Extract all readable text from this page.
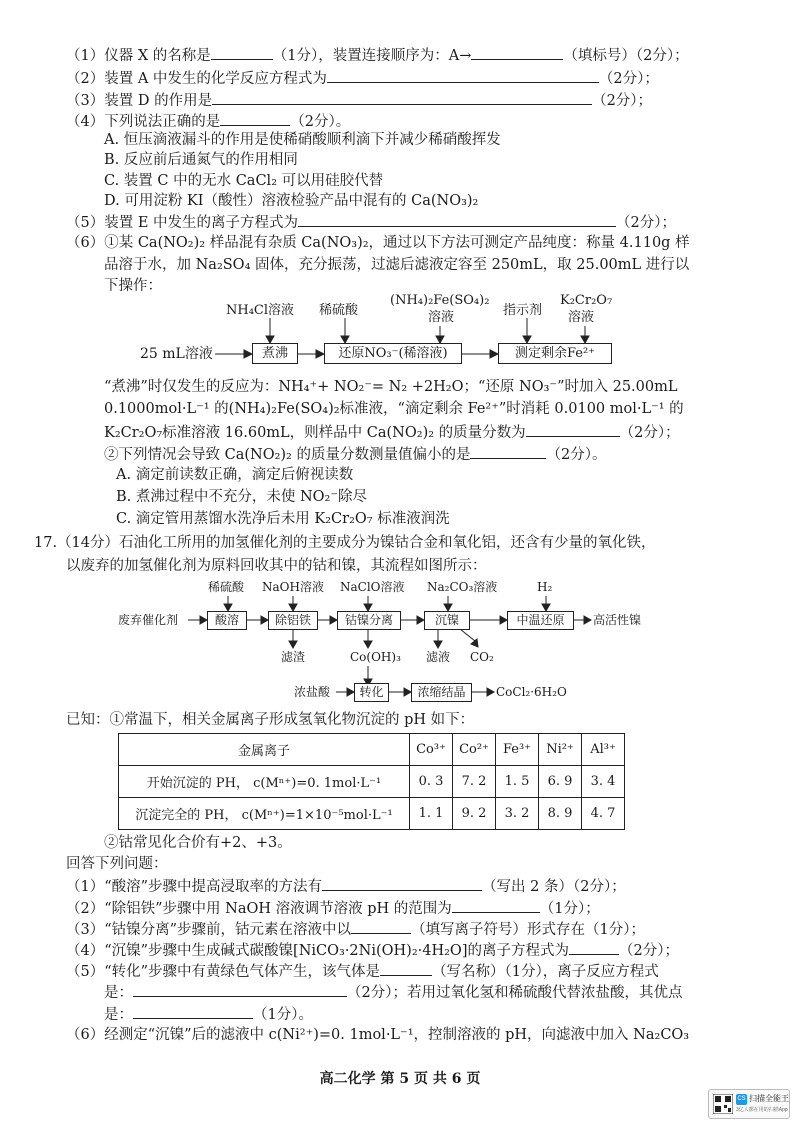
（1）仪器 X 的名称是	（1分），装置连接顺序为：A→	（填标号）（2分）；
（2）装置 A 中发生的化学反应方程式为	（2分）；
（3）装置 D 的作用是	（2分）；
（4）下列说法正确的是	（2分）。
A. 恒压滴液漏斗的作用是使稀硝酸顺利滴下并减少稀硝酸挥发
B. 反应前后通氮气的作用相同
C. 装置 C 中的无水 CaCl₂ 可以用硅胶代替
D. 可用淀粉 KI（酸性）溶液检验产品中混有的 Ca(NO₃)₂
（5）装置 E 中发生的离子方程式为	（2分）；
（6）①某 Ca(NO₂)₂ 样品混有杂质 Ca(NO₃)₂，通过以下方法可测定产品纯度：称量 4.110g 样
品溶于水，加 Na₂SO₄ 固体，充分振荡，过滤后滤液定容至 250mL，取 25.00mL 进行以
下操作：
25 mL溶液	煮沸	还原NO₃⁻(稀溶液)	测定剩余Fe²⁺
NH₄Cl溶液 稀硫酸
(NH₄)₂Fe(SO₄)₂
溶液	指示剂
K₂Cr₂O₇
溶液
“煮沸”时仅发生的反应为：NH₄⁺+ NO₂⁻= N₂ +2H₂O；“还原 NO₃⁻”时加入 25.00mL
0.1000mol·L⁻¹ 的(NH₄)₂Fe(SO₄)₂标准液，“滴定剩余 Fe²⁺”时消耗 0.0100 mol·L⁻¹ 的
K₂Cr₂O₇标准溶液 16.60mL，则样品中 Ca(NO₂)₂ 的质量分数为	（2分）；
②下列情况会导致 Ca(NO₂)₂ 的质量分数测量值偏小的是	（2分）。
A. 滴定前读数正确，滴定后俯视读数
B. 煮沸过程中不充分，未使 NO₂⁻除尽
C. 滴定管用蒸馏水洗净后未用 K₂Cr₂O₇ 标准液润洗
17.（14分）石油化工所用的加氢催化剂的主要成分为镍钴合金和氧化铝，还含有少量的氧化铁，
以废弃的加氢催化剂为原料回收其中的钴和镍，其流程如图所示：
废弃催化剂	酸溶	除铝铁	钴镍分离	沉镍	中温还原	高活性镍
稀硫酸 NaOH溶液 NaClO溶液 Na₂CO₃溶液	H₂
滤渣	Co(OH)₃ 滤液 CO₂
浓盐酸	转化	浓缩结晶	CoCl₂·6H₂O
已知：①常温下，相关金属离子形成氢氧化物沉淀的 pH 如下：
金属离子	Co³⁺	Co²⁺	Fe³⁺	Ni²⁺	Al³⁺
开始沉淀的 PH， c(Mⁿ⁺)=0. 1mol·L⁻¹	0. 3	7. 2	1. 5	6. 9	3. 4
沉淀完全的 PH， c(Mⁿ⁺)=1×10⁻⁵mol·L⁻¹	1. 1	9. 2	3. 2	8. 9	4. 7
②钴常见化合价有+2、+3。
回答下列问题：
（1）“酸溶”步骤中提高浸取率的方法有	（写出 2 条）（2分）；
（2）“除铝铁”步骤中用 NaOH 溶液调节溶液 pH 的范围为	（1分）；
（3）“钴镍分离”步骤前，钴元素在溶液中以	（填写离子符号）形式存在（1分）；
（4）“沉镍”步骤中生成碱式碳酸镍[NiCO₃·2Ni(OH)₂·4H₂O]的离子方程式为	（2分）；
（5）“转化”步骤中有黄绿色气体产生，该气体是	（写名称）（1分），离子反应方程式
是：	（2分）；若用过氧化氢和稀硫酸代替浓盐酸，其优点
是：	（1分）。
（6）经测定“沉镍”后的滤液中 c(Ni²⁺)=0. 1mol·L⁻¹，控制溶液的 pH，向滤液中加入 Na₂CO₃
高二化学 第 5 页 共 6 页
CS 扫描全能王
3亿人都在用的扫描App
